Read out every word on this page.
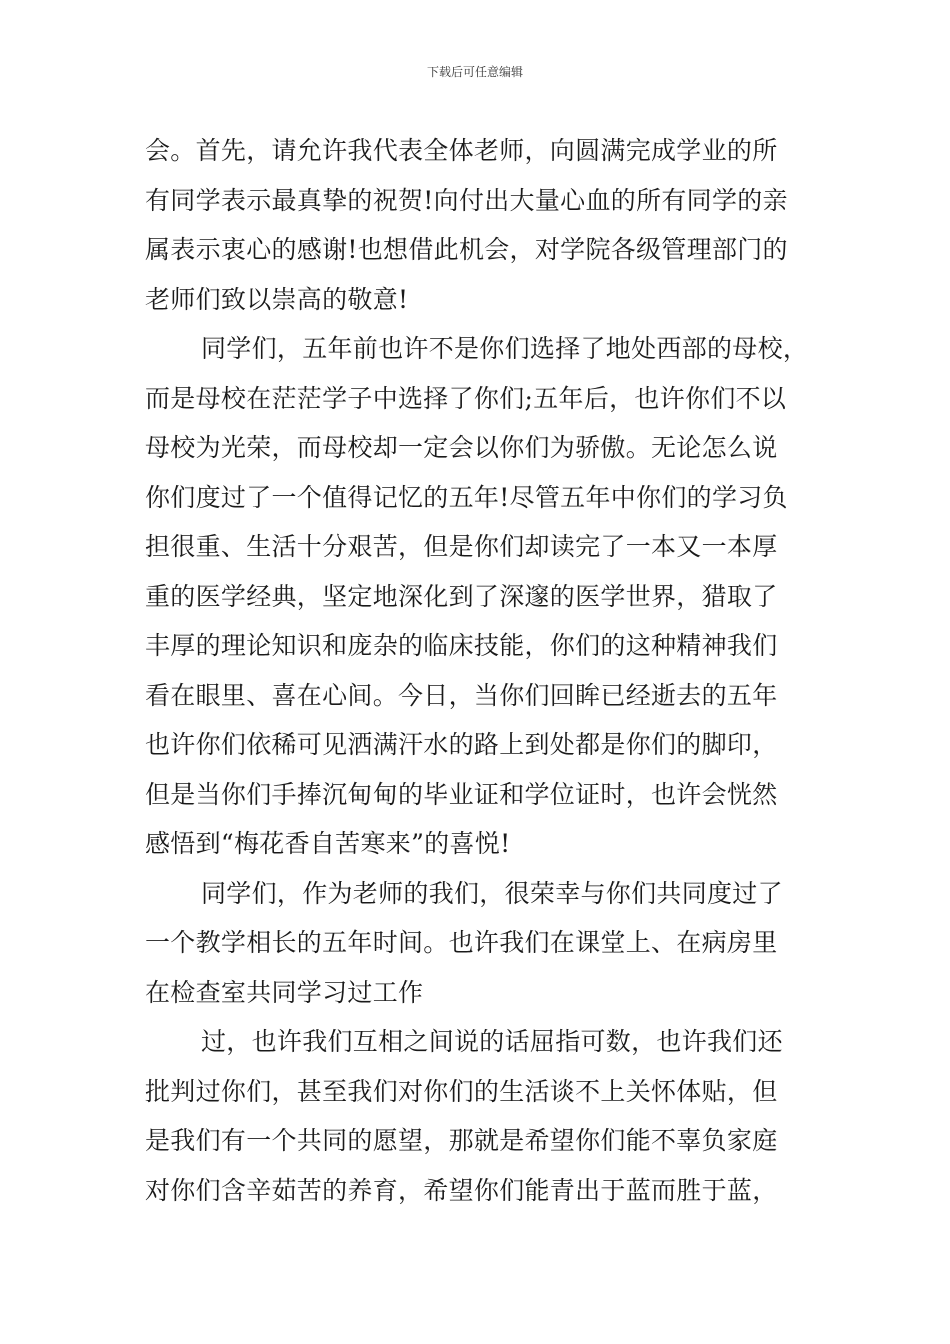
下载后可任意编辑
会。首先，请允许我代表全体老师，向圆满完成学业的所
有同学表示最真挚的祝贺!向付出大量心血的所有同学的亲
属表示衷心的感谢!也想借此机会，对学院各级管理部门的
老师们致以崇高的敬意!
同学们，五年前也许不是你们选择了地处西部的母校，
而是母校在茫茫学子中选择了你们;五年后，也许你们不以
母校为光荣，而母校却一定会以你们为骄傲。无论怎么说
你们度过了一个值得记忆的五年!尽管五年中你们的学习负
担很重、生活十分艰苦，但是你们却读完了一本又一本厚
重的医学经典，坚定地深化到了深邃的医学世界，猎取了
丰厚的理论知识和庞杂的临床技能，你们的这种精神我们
看在眼里、喜在心间。今日，当你们回眸已经逝去的五年
也许你们依稀可见洒满汗水的路上到处都是你们的脚印，
但是当你们手捧沉甸甸的毕业证和学位证时，也许会恍然
感悟到“梅花香自苦寒来”的喜悦!
同学们，作为老师的我们，很荣幸与你们共同度过了
一个教学相长的五年时间。也许我们在课堂上、在病房里
在检查室共同学习过工作
过，也许我们互相之间说的话屈指可数，也许我们还
批判过你们，甚至我们对你们的生活谈不上关怀体贴，但
是我们有一个共同的愿望，那就是希望你们能不辜负家庭
对你们含辛茹苦的养育，希望你们能青出于蓝而胜于蓝，
